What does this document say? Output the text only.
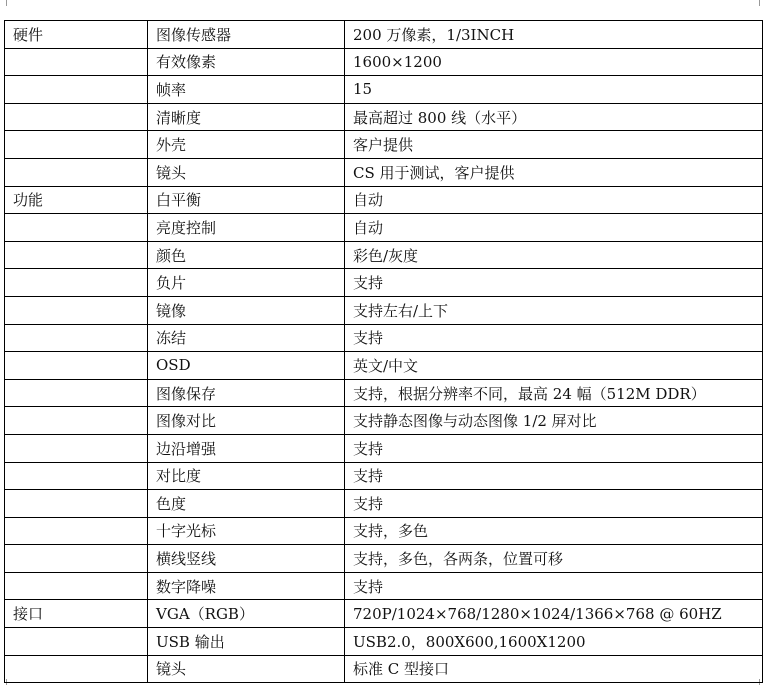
硬件	图像传感器	200 万像素，1/3INCH
	有效像素	1600×1200
	帧率	15
	清晰度	最高超过 800 线（水平）
	外壳	客户提供
	镜头	CS 用于测试，客户提供
功能	白平衡	自动
	亮度控制	自动
	颜色	彩色/灰度
	负片	支持
	镜像	支持左右/上下
	冻结	支持
	OSD	英文/中文
	图像保存	支持，根据分辨率不同，最高 24 幅（512M DDR）
	图像对比	支持静态图像与动态图像 1/2 屏对比
	边沿增强	支持
	对比度	支持
	色度	支持
	十字光标	支持，多色
	横线竖线	支持，多色，各两条，位置可移
	数字降噪	支持
接口	VGA（RGB）	720P/1024×768/1280×1024/1366×768 @ 60HZ
	USB 输出	USB2.0，800X600,1600X1200
	镜头	标准 C 型接口
